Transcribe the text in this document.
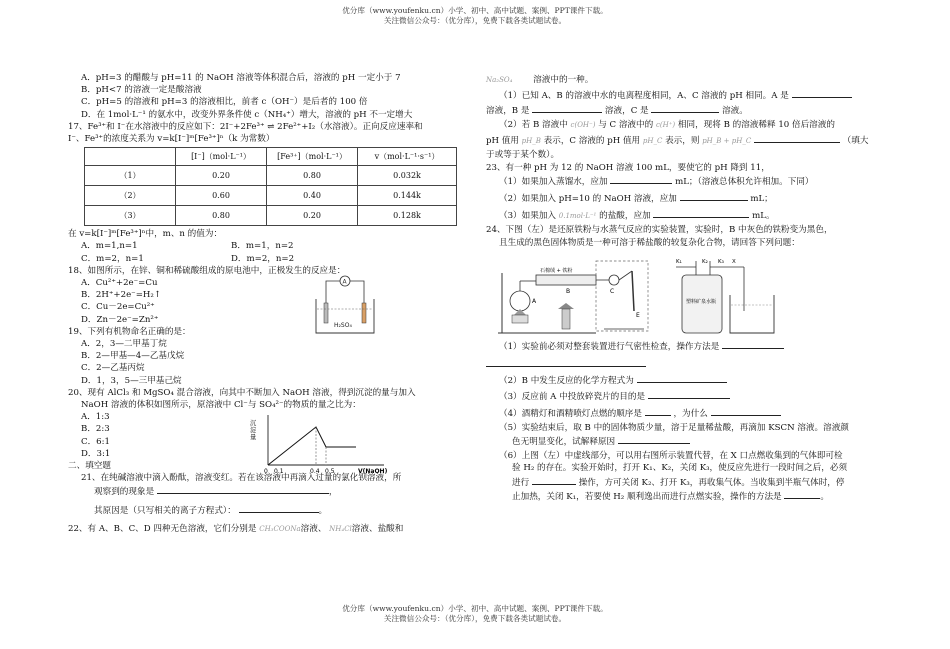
优分库（www.youfenku.cn）小学、初中、高中试题、案例、PPT课件下载。
关注微信公众号：（优分库），免费下载各类试题试卷。
A．pH=3 的醋酸与 pH=11 的 NaOH 溶液等体积混合后，溶液的 pH 一定小于 7
B．pH<7 的溶液一定是酸溶液
C．pH=5 的溶液和 pH=3 的溶液相比，前者 c（OH⁻）是后者的 100 倍
D．在 1mol·L⁻¹ 的氨水中，改变外界条件使 c（NH₄⁺）增大，溶液的 pH 不一定增大
17、Fe³⁺和 I⁻在水溶液中的反应如下：2I⁻+2Fe³⁺ ⇌ 2Fe²⁺+I₂（水溶液）。正向反应速率和
I⁻、Fe³⁺的浓度关系为 v=k[I⁻]ᵐ[Fe³⁺]ⁿ（k 为常数）
	[I⁻]（mol·L⁻¹）	[Fe³⁺]（mol·L⁻¹）	v（mol·L⁻¹·s⁻¹）
（1）	0.20	0.80	0.032k
（2）	0.60	0.40	0.144k
（3）	0.80	0.20	0.128k
在 v=k[I⁻]ᵐ[Fe³⁺]ⁿ中，m、n 的值为：
A．m=1,n=1	B．m=1，n=2
C．m=2，n=1	D．m=2，n=2
18、如图所示，在锌、铜和稀硫酸组成的原电池中，正极发生的反应是：
A．Cu²⁺+2e⁻=Cu
B．2H⁺+2e⁻=H₂↑
C．Cu－2e=Cu²⁺
D．Zn－2e⁻=Zn²⁺
A
H₂SO₄
19、下列有机物命名正确的是：
A．2，3—二甲基丁烷
B．2—甲基—4—乙基戊烷
C．2—乙基丙烷
D．1，3，5—三甲基己烷
20、现有 AlCl₃ 和 MgSO₄ 混合溶液，向其中不断加入 NaOH 溶液，得到沉淀的量与加入
NaOH 溶液的体积如图所示，原溶液中 Cl⁻与 SO₄²⁻的物质的量之比为：
A．1:3
B．2:3
C．6:1
D．3:1
沉淀量
0 0.1	0.4 0.5	V(NaOH)
二、填空题
21、在纯碱溶液中滴入酚酞，溶液变红。若在该溶液中再滴入过量的氯化钡溶液，所
观察到的现象是	，
其原因是（只写相关的离子方程式）：	。
22、有 A、B、C、D 四种无色溶液，它们分别是 CH₃COONa溶液、 NH₄Cl溶液、盐酸和
Na₂SO₄ 溶液中的一种。
（1）已知 A、B 的溶液中水的电离程度相同，A、C 溶液的 pH 相同。A 是
溶液，B 是	溶液，C 是	溶液。
（2）若 B 溶液中 c(OH⁻) 与 C 溶液中的 c(H⁺) 相同，现将 B 的溶液稀释 10 倍后溶液的
pH 值用 pH_B 表示，C 溶液的 pH 值用 pH_C 表示，则 pH_B + pH_C	（填大
于或等于某个数）。
23、有一种 pH 为 12 的 NaOH 溶液 100 mL，要使它的 pH 降到 11，
（1）如果加入蒸馏水，应加	mL；（溶液总体积允许相加。下同）
（2）如果加入 pH=10 的 NaOH 溶液，应加	mL；
（3）如果加入 0.1mol·L⁻¹ 的盐酸，应加	mL。
24、下图（左）是还原铁粉与水蒸气反应的实验装置，实验时，B 中灰色的铁粉变为黑色，
且生成的黑色固体物质是一种可溶于稀盐酸的较复杂化合物，请回答下列问题：
A
石棉绒 + 铁粉
B	C
E
塑料矿泉水瓶
K₁	K₂ K₃ X
（1）实验前必须对整套装置进行气密性检查，操作方法是
（2）B 中发生反应的化学方程式为
（3）反应前 A 中投放碎瓷片的目的是
（4）酒精灯和酒精喷灯点燃的顺序是	，为什么
（5）实验结束后，取 B 中的固体物质少量，溶于足量稀盐酸，再滴加 KSCN 溶液。溶液颜
色无明显变化，试解释原因
（6）上图（左）中虚线部分，可以用右图所示装置代替，在 X 口点燃收集到的气体即可检
验 H₂ 的存在。实验开始时，打开 K₁、K₂，关闭 K₃，使反应先进行一段时间之后，必须
进行	操作，方可关闭 K₂、打开 K₃，再收集气体。当收集到半瓶气体时，停
止加热，关闭 K₁，若要使 H₂ 顺利逸出而进行点燃实验，操作的方法是	。
优分库（www.youfenku.cn）小学、初中、高中试题、案例、PPT课件下载。
关注微信公众号：（优分库），免费下载各类试题试卷。
